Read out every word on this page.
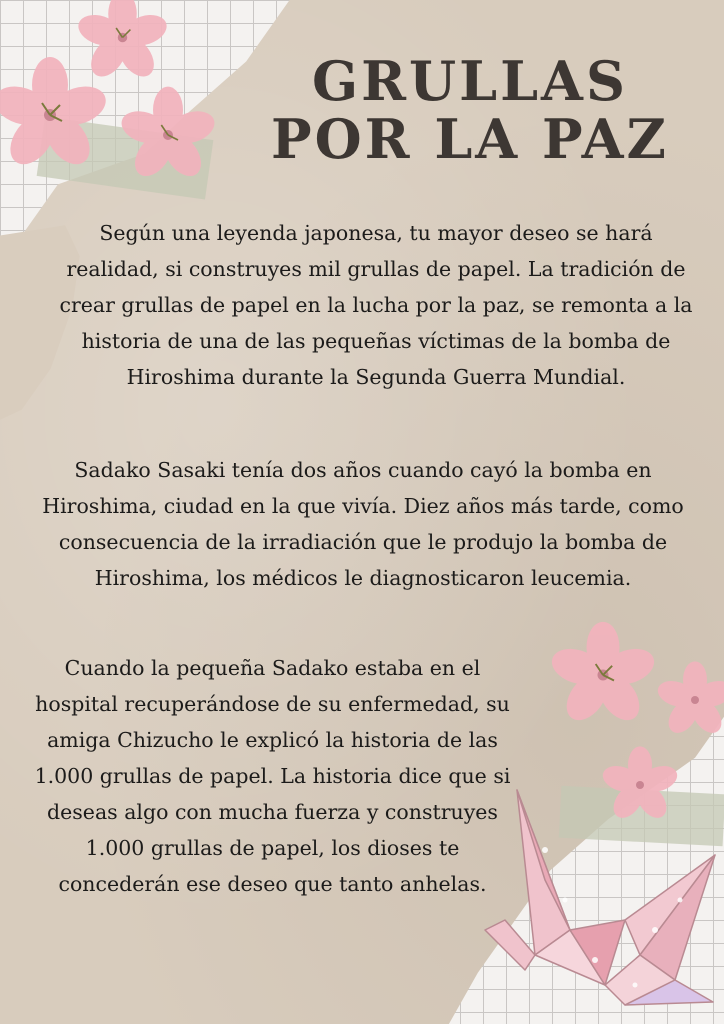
GRULLAS
POR LA PAZ
Según una leyenda japonesa, tu mayor deseo se hará realidad, si construyes mil grullas de papel. La tradición de crear grullas de papel en la lucha por la paz, se remonta a la historia de una de las pequeñas víctimas de la bomba de Hiroshima durante la Segunda Guerra Mundial.
Sadako Sasaki tenía dos años cuando cayó la bomba en Hiroshima, ciudad en la que vivía. Diez años más tarde, como consecuencia de la irradiación que le produjo la bomba de Hiroshima, los médicos le diagnosticaron leucemia.
Cuando la pequeña Sadako estaba en el hospital recuperándose de su enfermedad, su amiga Chizucho le explicó la historia de las 1.000 grullas de papel. La historia dice que si deseas algo con mucha fuerza y construyes 1.000 grullas de papel, los dioses te concederán ese deseo que tanto anhelas.
